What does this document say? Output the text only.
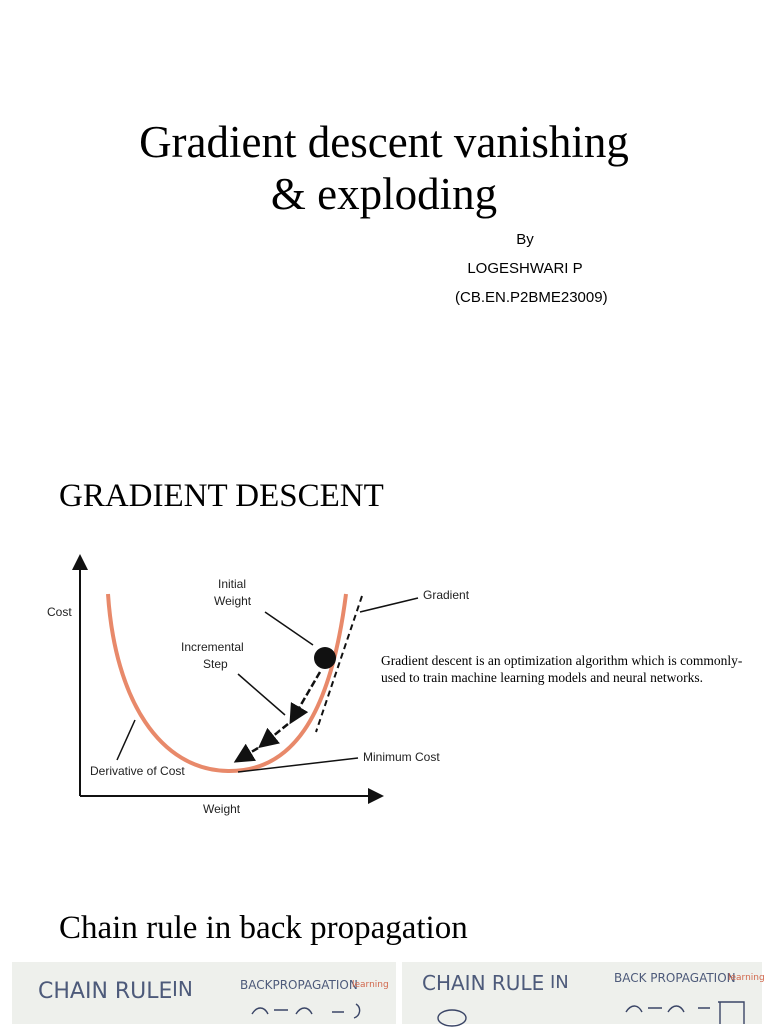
Gradient descent vanishing
& exploding
By
LOGESHWARI P
(CB.EN.P2BME23009)
GRADIENT DESCENT
Cost
Weight
Initial
Weight
Incremental
Step
Gradient
Derivative of Cost
Minimum Cost
Gradient descent is an optimization algorithm which is commonly-used to train machine learning models and neural networks.
Chain rule in back propagation
CHAIN RULE IN	BACKPROPAGATION
learning CHAIN RULE IN	BACK PROPAGATION
learning
